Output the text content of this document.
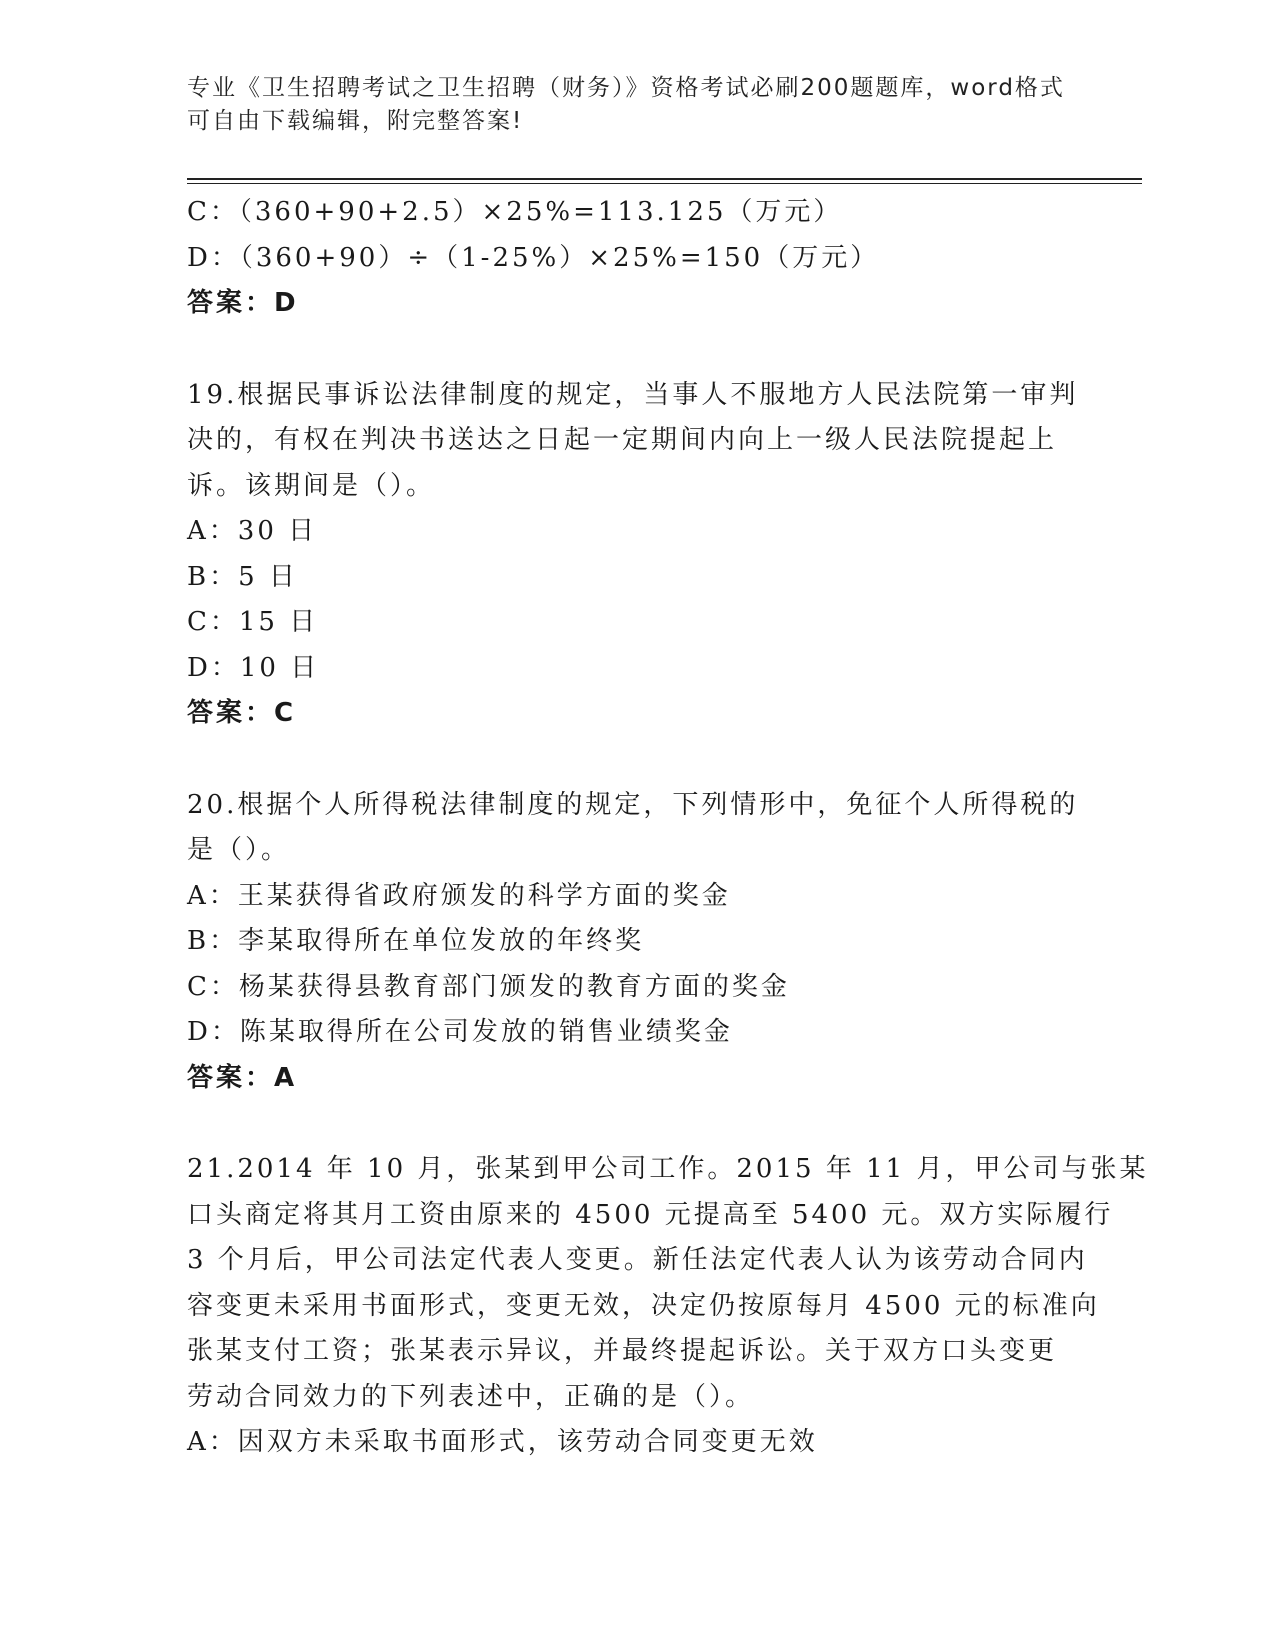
专业《卫生招聘考试之卫生招聘（财务）》资格考试必刷200题题库，word格式
可自由下载编辑，附完整答案!
C：（360+90+2.5）×25%=113.125（万元）
D：（360+90）÷（1-25%）×25%=150（万元）
答案：D
19.根据民事诉讼法律制度的规定，当事人不服地方人民法院第一审判
决的，有权在判决书送达之日起一定期间内向上一级人民法院提起上
诉。该期间是（）。
A：30 日
B：5 日
C：15 日
D：10 日
答案：C
20.根据个人所得税法律制度的规定，下列情形中，免征个人所得税的
是（）。
A：王某获得省政府颁发的科学方面的奖金
B：李某取得所在单位发放的年终奖
C：杨某获得县教育部门颁发的教育方面的奖金
D：陈某取得所在公司发放的销售业绩奖金
答案：A
21.2014 年 10 月，张某到甲公司工作。2015 年 11 月，甲公司与张某
口头商定将其月工资由原来的 4500 元提高至 5400 元。双方实际履行
3 个月后，甲公司法定代表人变更。新任法定代表人认为该劳动合同内
容变更未采用书面形式，变更无效，决定仍按原每月 4500 元的标准向
张某支付工资；张某表示异议，并最终提起诉讼。关于双方口头变更
劳动合同效力的下列表述中，正确的是（）。
A：因双方未采取书面形式，该劳动合同变更无效
